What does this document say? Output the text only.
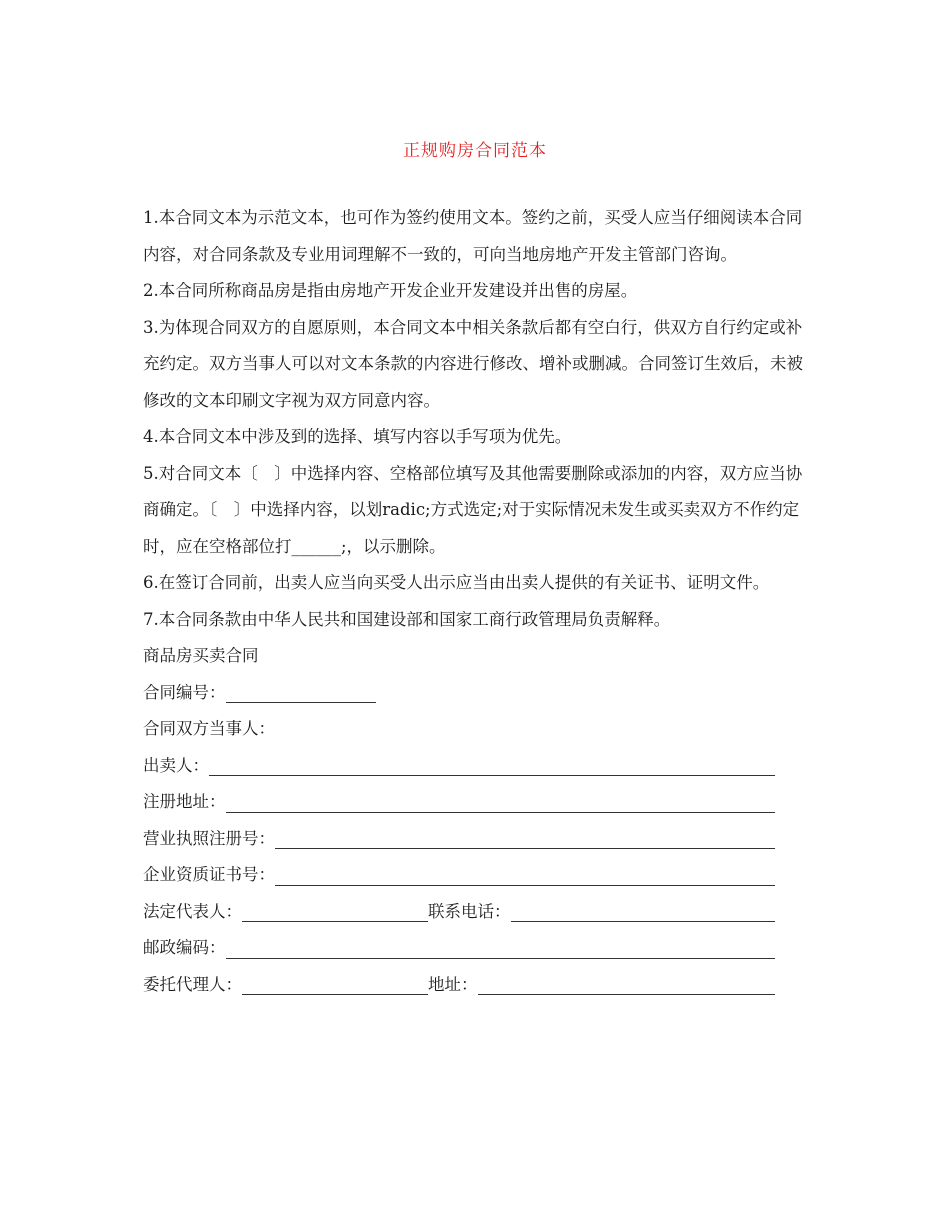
正规购房合同范本

1.本合同文本为示范文本，也可作为签约使用文本。签约之前，买受人应当仔细阅读本合同内容，对合同条款及专业用词理解不一致的，可向当地房地产开发主管部门咨询。

2.本合同所称商品房是指由房地产开发企业开发建设并出售的房屋。

3.为体现合同双方的自愿原则，本合同文本中相关条款后都有空白行，供双方自行约定或补充约定。双方当事人可以对文本条款的内容进行修改、增补或删减。合同签订生效后，未被修改的文本印刷文字视为双方同意内容。

4.本合同文本中涉及到的选择、填写内容以手写项为优先。

5.对合同文本〔　〕中选择内容、空格部位填写及其他需要删除或添加的内容，双方应当协商确定。〔　〕中选择内容，以划radic;方式选定;对于实际情况未发生或买卖双方不作约定时，应在空格部位打______;，以示删除。

6.在签订合同前，出卖人应当向买受人出示应当由出卖人提供的有关证书、证明文件。

7.本合同条款由中华人民共和国建设部和国家工商行政管理局负责解释。

商品房买卖合同

合同编号：

合同双方当事人：

出卖人：
注册地址：
营业执照注册号：
企业资质证书号：
法定代表人：	联系电话：
邮政编码：
委托代理人：	地址：
